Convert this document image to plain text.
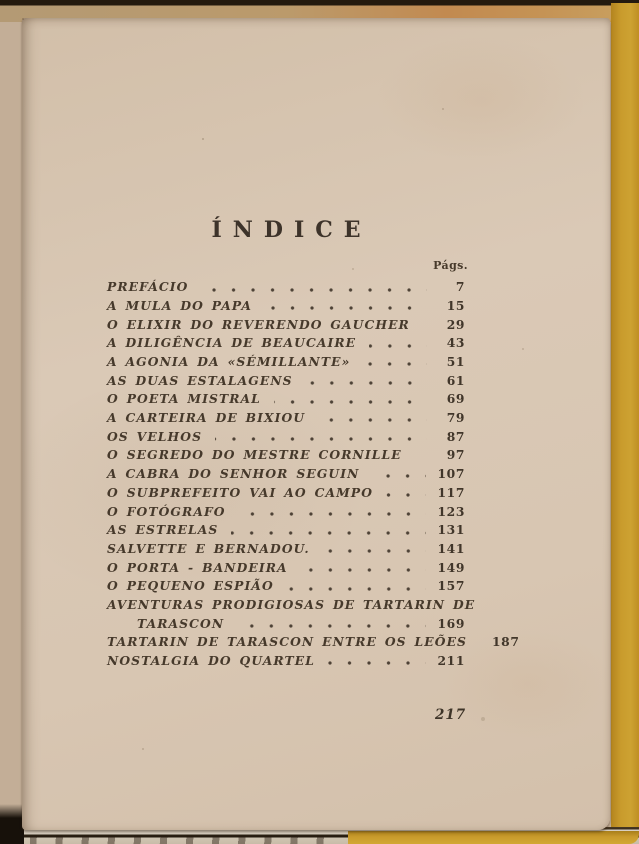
ÍNDICE
Págs.
PREFÁCIO	7
A MULA DO PAPA	15
O ELIXIR DO REVERENDO GAUCHER	29
A DILIGÊNCIA DE BEAUCAIRE	43
A AGONIA DA «SÉMILLANTE»	51
AS DUAS ESTALAGENS	61
O POETA MISTRAL	69
A CARTEIRA DE BIXIOU	79
OS VELHOS	87
O SEGREDO DO MESTRE CORNILLE	97
A CABRA DO SENHOR SEGUIN	107
O SUBPREFEITO VAI AO CAMPO	117
O FOTÓGRAFO	123
AS ESTRELAS	131
SALVETTE E BERNADOU.	141
O PORTA - BANDEIRA	149
O PEQUENO ESPIÃO	157
AVENTURAS PRODIGIOSAS DE TARTARIN DE
TARASCON	169
TARTARIN DE TARASCON ENTRE OS LEÕES 187
NOSTALGIA DO QUARTEL	211
217
